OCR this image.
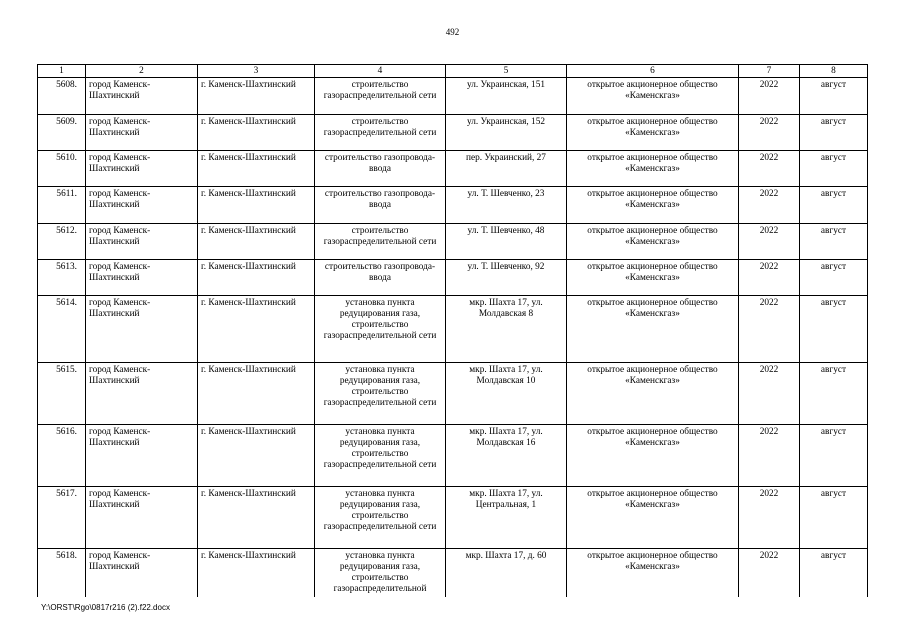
492
1	2	3	4	5	6	7	8
5608.	город Каменск-Шахтинский	г. Каменск-Шахтинский	строительство газораспределительной сети	ул. Украинская, 151	открытое акционерное общество «Каменскгаз»	2022	август
5609.	город Каменск-Шахтинский	г. Каменск-Шахтинский	строительство газораспределительной сети	ул. Украинская, 152	открытое акционерное общество «Каменскгаз»	2022	август
5610.	город Каменск-Шахтинский	г. Каменск-Шахтинский	строительство газопровода-ввода	пер. Украинский, 27	открытое акционерное общество «Каменскгаз»	2022	август
5611.	город Каменск-Шахтинский	г. Каменск-Шахтинский	строительство газопровода-ввода	ул. Т. Шевченко, 23	открытое акционерное общество «Каменскгаз»	2022	август
5612.	город Каменск-Шахтинский	г. Каменск-Шахтинский	строительство газораспределительной сети	ул. Т. Шевченко, 48	открытое акционерное общество «Каменскгаз»	2022	август
5613.	город Каменск-Шахтинский	г. Каменск-Шахтинский	строительство газопровода-ввода	ул. Т. Шевченко, 92	открытое акционерное общество «Каменскгаз»	2022	август
5614.	город Каменск-Шахтинский	г. Каменск-Шахтинский	установка пункта редуцирования газа, строительство газораспределительной сети	мкр. Шахта 17, ул. Молдавская 8	открытое акционерное общество «Каменскгаз»	2022	август
5615.	город Каменск-Шахтинский	г. Каменск-Шахтинский	установка пункта редуцирования газа, строительство газораспределительной сети	мкр. Шахта 17, ул. Молдавская 10	открытое акционерное общество «Каменскгаз»	2022	август
5616.	город Каменск-Шахтинский	г. Каменск-Шахтинский	установка пункта редуцирования газа, строительство газораспределительной сети	мкр. Шахта 17, ул. Молдавская 16	открытое акционерное общество «Каменскгаз»	2022	август
5617.	город Каменск-Шахтинский	г. Каменск-Шахтинский	установка пункта редуцирования газа, строительство газораспределительной сети	мкр. Шахта 17, ул. Центральная, 1	открытое акционерное общество «Каменскгаз»	2022	август
5618.	город Каменск-Шахтинский	г. Каменск-Шахтинский	установка пункта редуцирования газа, строительство газораспределительной	мкр. Шахта 17, д. 60	открытое акционерное общество «Каменскгаз»	2022	август
Y:\ORST\Rgo\0817r216 (2).f22.docx
